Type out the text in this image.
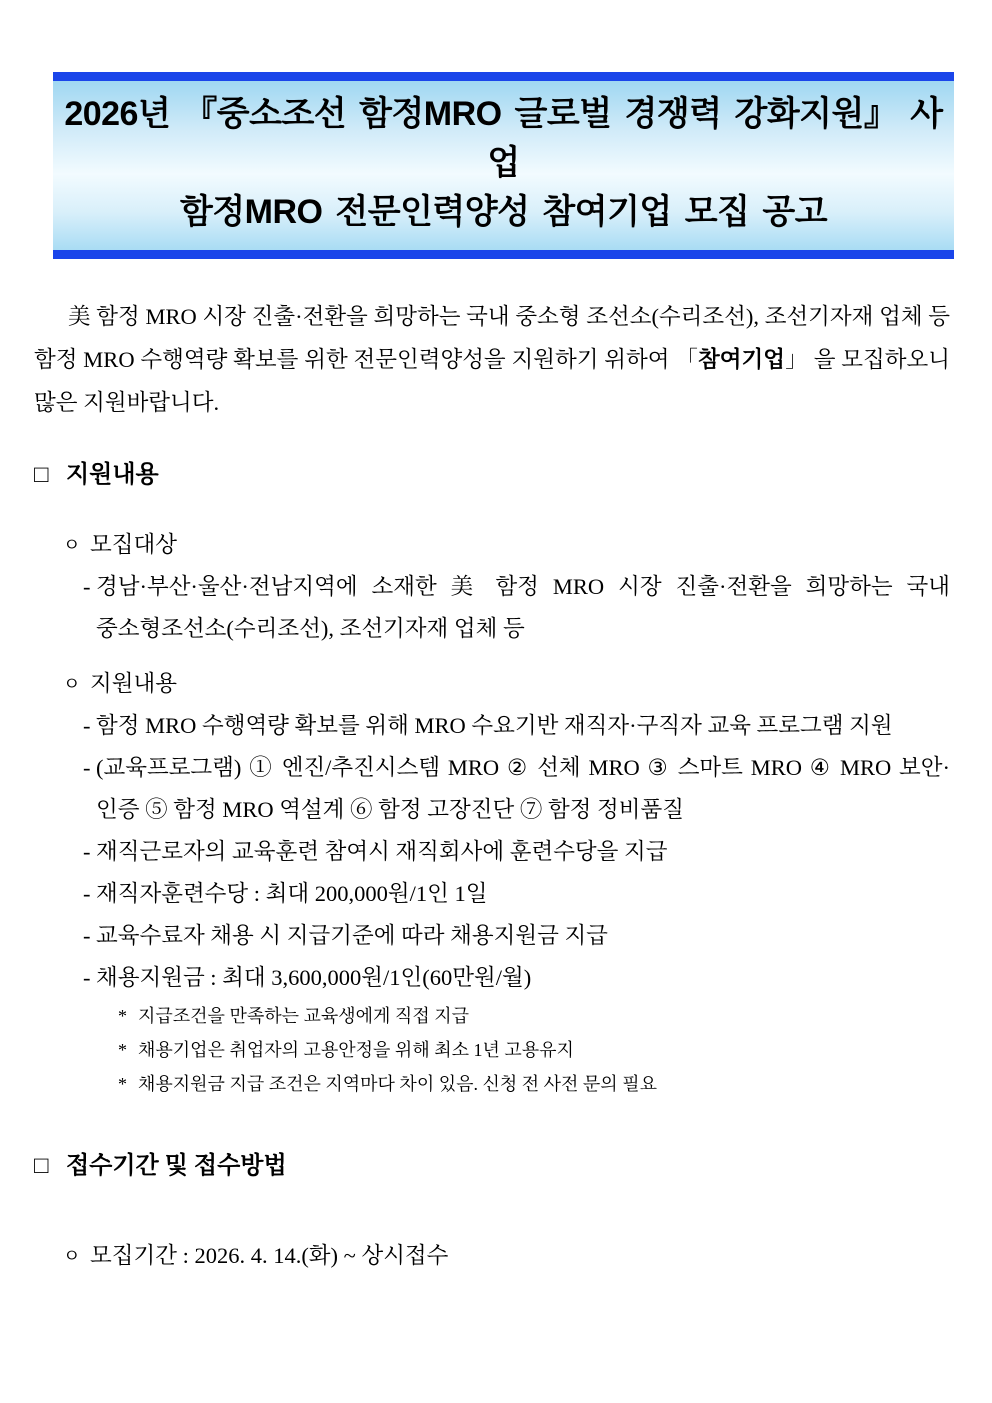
2026년 『중소조선 함정MRO 글로벌 경쟁력 강화지원』 사업
함정MRO 전문인력양성 참여기업 모집 공고

美 함정 MRO 시장 진출·전환을 희망하는 국내 중소형 조선소(수리조선), 조선기자재 업체 등 함정 MRO 수행역량 확보를 위한 전문인력양성을 지원하기 위하여 「참여기업」 을 모집하오니 많은 지원바랍니다.

□ 지원내용
ㅇ 모집대상
- 경남·부산·울산·전남지역에 소재한 美 함정 MRO 시장 진출·전환을 희망하는 국내 중소형조선소(수리조선), 조선기자재 업체 등
ㅇ 지원내용
- 함정 MRO 수행역량 확보를 위해 MRO 수요기반 재직자·구직자 교육 프로그램 지원
- (교육프로그램) ① 엔진/추진시스템 MRO ② 선체 MRO ③ 스마트 MRO ④ MRO 보안·인증 ⑤ 함정 MRO 역설계 ⑥ 함정 고장진단 ⑦ 함정 정비품질
- 재직근로자의 교육훈련 참여시 재직회사에 훈련수당을 지급
- 재직자훈련수당 : 최대 200,000원/1인 1일
- 교육수료자 채용 시 지급기준에 따라 채용지원금 지급
- 채용지원금 : 최대 3,600,000원/1인(60만원/월)
* 지급조건을 만족하는 교육생에게 직접 지급
* 채용기업은 취업자의 고용안정을 위해 최소 1년 고용유지
* 채용지원금 지급 조건은 지역마다 차이 있음. 신청 전 사전 문의 필요
□ 접수기간 및 접수방법
ㅇ 모집기간 : 2026. 4. 14.(화) ~ 상시접수
